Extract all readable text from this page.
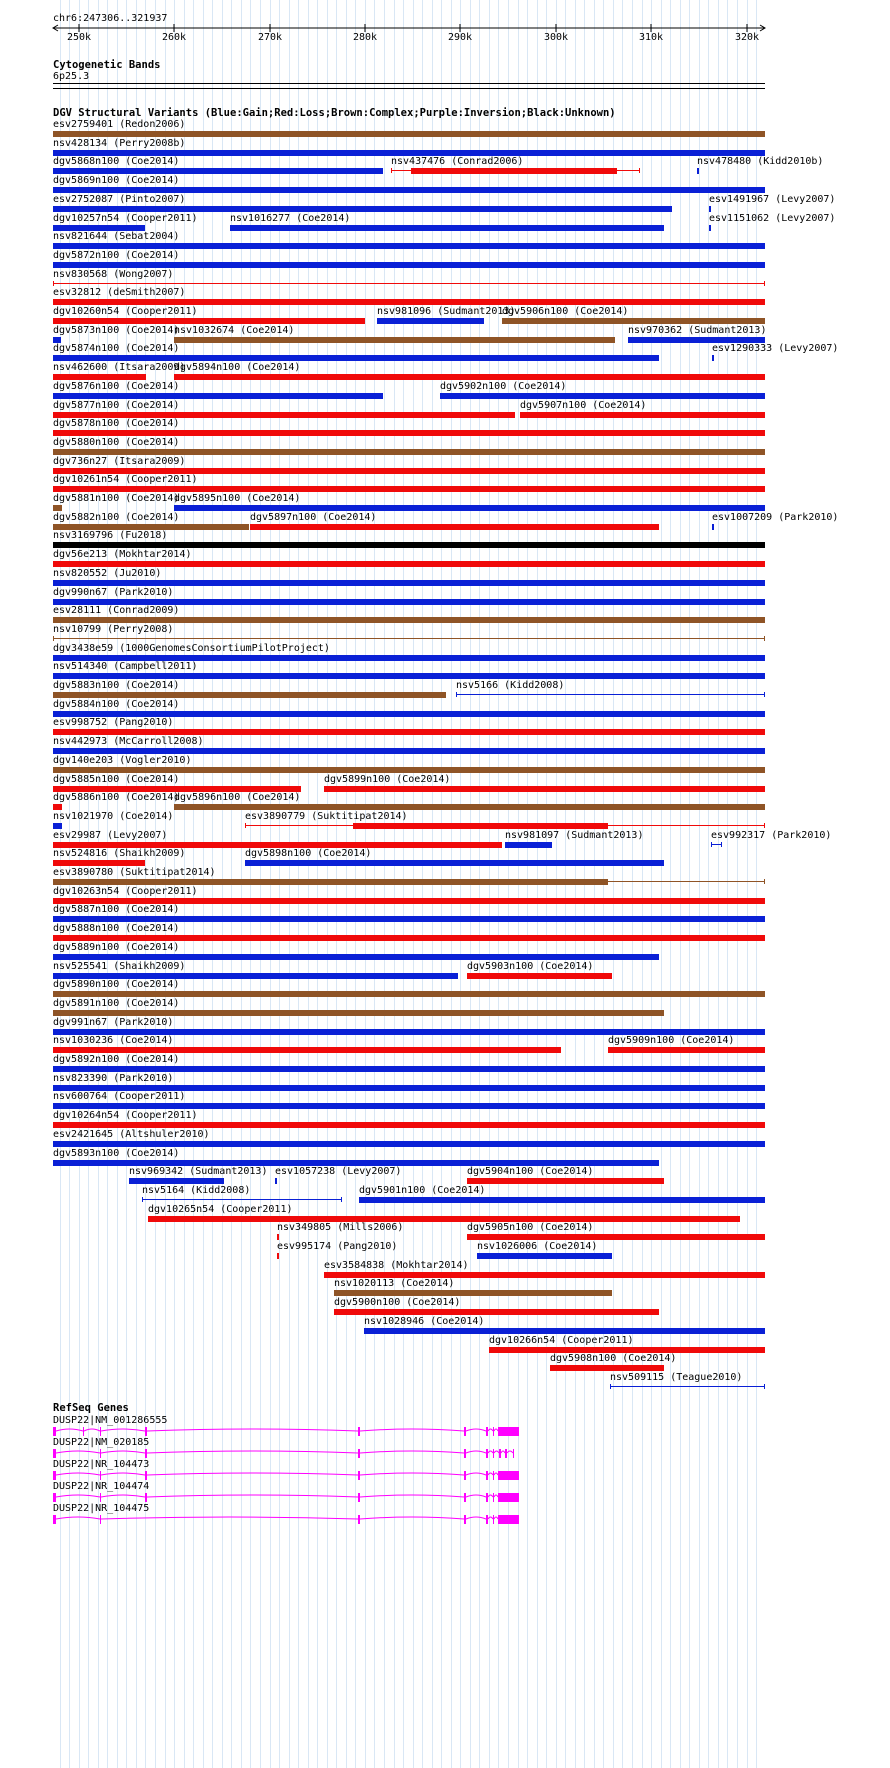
chr6:247306..321937
250k	260k	270k	280k	290k	300k	310k	320k
Cytogenetic Bands
6p25.3
DGV Structural Variants (Blue:Gain;Red:Loss;Brown:Complex;Purple:Inversion;Black:Unknown)
esv2759401 (Redon2006)
nsv428134 (Perry2008b)
dgv5868n100 (Coe2014)	nsv437476 (Conrad2006)	nsv478480 (Kidd2010b)
dgv5869n100 (Coe2014)
esv2752087 (Pinto2007)	esv1491967 (Levy2007)
dgv10257n54 (Cooper2011)	nsv1016277 (Coe2014)	esv1151062 (Levy2007)
nsv821644 (Sebat2004)
dgv5872n100 (Coe2014)
nsv830568 (Wong2007)
esv32812 (deSmith2007)
dgv10260n54 (Cooper2011)	nsv981096 (Sudmant2013)
dgv5906n100 (Coe2014)
dgv5873n100 (Coe2014)
nsv1032674 (Coe2014)	nsv970362 (Sudmant2013)
dgv5874n100 (Coe2014)	esv1290333 (Levy2007)
nsv462600 (Itsara2009)
dgv5894n100 (Coe2014)
dgv5876n100 (Coe2014)	dgv5902n100 (Coe2014)
dgv5877n100 (Coe2014)	dgv5907n100 (Coe2014)
dgv5878n100 (Coe2014)
dgv5880n100 (Coe2014)
dgv736n27 (Itsara2009)
dgv10261n54 (Cooper2011)
dgv5881n100 (Coe2014)
dgv5895n100 (Coe2014)
dgv5882n100 (Coe2014)	dgv5897n100 (Coe2014)	esv1007209 (Park2010)
nsv3169796 (Fu2018)
dgv56e213 (Mokhtar2014)
nsv820552 (Ju2010)
dgv990n67 (Park2010)
esv28111 (Conrad2009)
nsv10799 (Perry2008)
dgv3438e59 (1000GenomesConsortiumPilotProject)
nsv514340 (Campbell2011)
dgv5883n100 (Coe2014)	nsv5166 (Kidd2008)
dgv5884n100 (Coe2014)
esv998752 (Pang2010)
nsv442973 (McCarroll2008)
dgv140e203 (Vogler2010)
dgv5885n100 (Coe2014)	dgv5899n100 (Coe2014)
dgv5886n100 (Coe2014)
dgv5896n100 (Coe2014)
nsv1021970 (Coe2014)	esv3890779 (Suktitipat2014)
esv29987 (Levy2007)	nsv981097 (Sudmant2013)	esv992317 (Park2010)
nsv524816 (Shaikh2009)	dgv5898n100 (Coe2014)
esv3890780 (Suktitipat2014)
dgv10263n54 (Cooper2011)
dgv5887n100 (Coe2014)
dgv5888n100 (Coe2014)
dgv5889n100 (Coe2014)
nsv525541 (Shaikh2009)	dgv5903n100 (Coe2014)
dgv5890n100 (Coe2014)
dgv5891n100 (Coe2014)
dgv991n67 (Park2010)
nsv1030236 (Coe2014)	dgv5909n100 (Coe2014)
dgv5892n100 (Coe2014)
nsv823390 (Park2010)
nsv600764 (Cooper2011)
dgv10264n54 (Cooper2011)
esv2421645 (Altshuler2010)
dgv5893n100 (Coe2014)
nsv969342 (Sudmant2013) esv1057238 (Levy2007)	dgv5904n100 (Coe2014)
nsv5164 (Kidd2008)	dgv5901n100 (Coe2014)
dgv10265n54 (Cooper2011)
nsv349805 (Mills2006)	dgv5905n100 (Coe2014)
esv995174 (Pang2010)	nsv1026006 (Coe2014)
esv3584838 (Mokhtar2014)
nsv1020113 (Coe2014)
dgv5900n100 (Coe2014)
nsv1028946 (Coe2014)
dgv10266n54 (Cooper2011)
dgv5908n100 (Coe2014)
nsv509115 (Teague2010)
RefSeq Genes
DUSP22|NM_001286555
DUSP22|NM_020185
DUSP22|NR_104473
DUSP22|NR_104474
DUSP22|NR_104475
